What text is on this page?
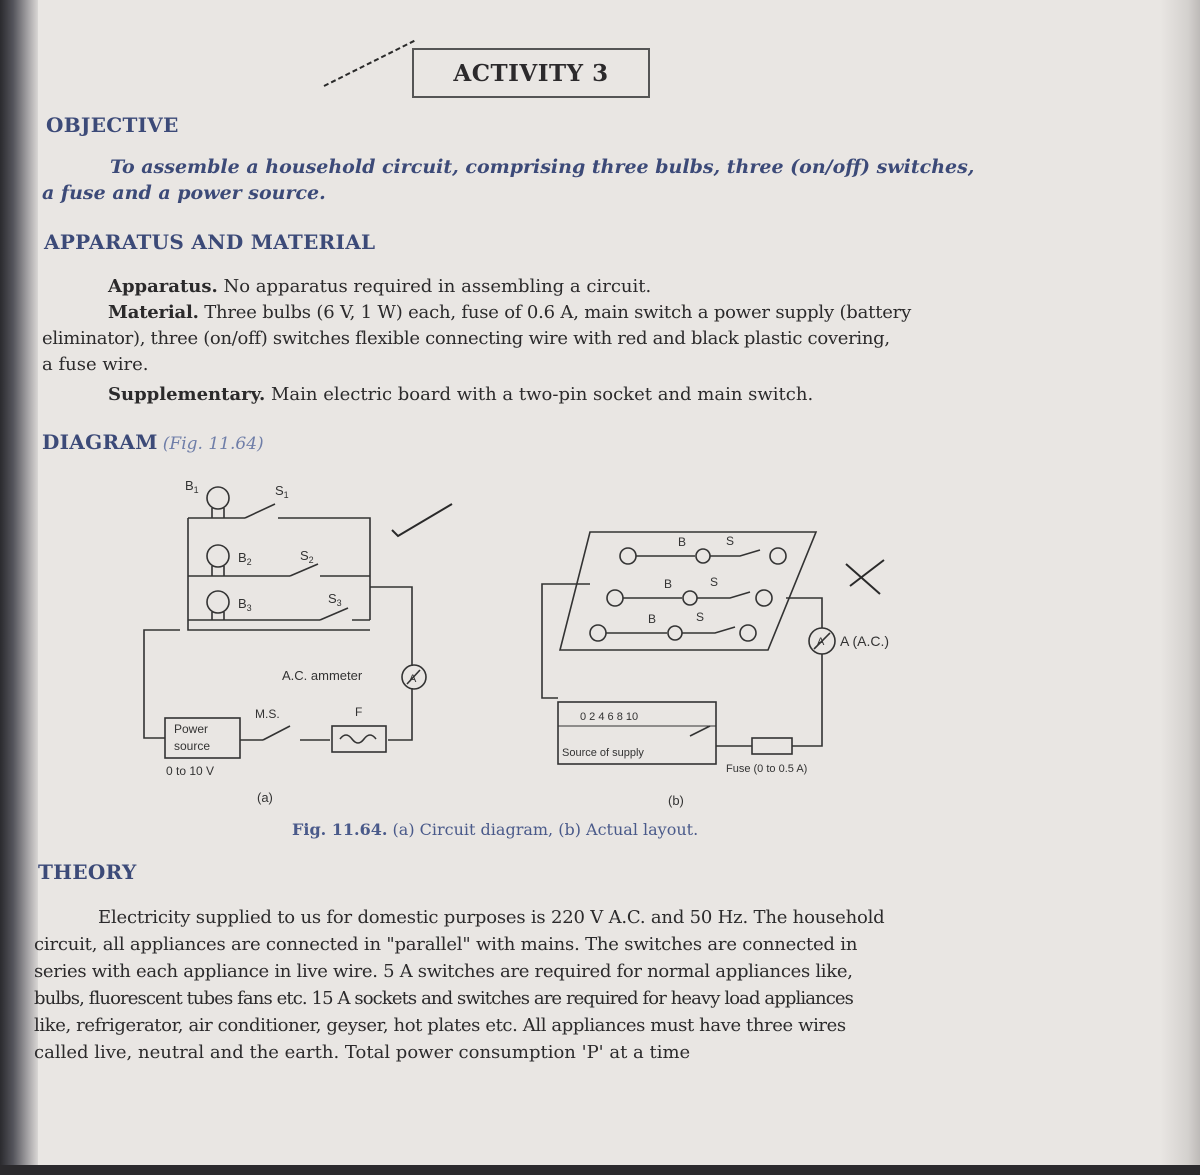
ACTIVITY 3
OBJECTIVE
To assemble a household circuit, comprising three bulbs, three (on/off) switches,
a fuse and a power source.
APPARATUS AND MATERIAL
Apparatus. No apparatus required in assembling a circuit.
Material. Three bulbs (6 V, 1 W) each, fuse of 0.6 A, main switch a power supply (battery
eliminator), three (on/off) switches flexible connecting wire with red and black plastic covering,
a fuse wire.
Supplementary. Main electric board with a two-pin socket and main switch.
DIAGRAM (Fig. 11.64)
$B_1$	$S_1$
$B_2$	$S_2$
$B_3$
$S_3$
A.C. ammeter	A
Power
source
0 to 10 V
M.S.	F
(a)
B	S
B	S
B	S
A (A.C.)
A
0 2 4 6 8 10
Source of supply
Fuse (0 to 0.5 A)
(b)
Fig. 11.64. (a) Circuit diagram, (b) Actual layout.
THEORY
Electricity supplied to us for domestic purposes is 220 V A.C. and 50 Hz. The household
circuit, all appliances are connected in "parallel" with mains. The switches are connected in
series with each appliance in live wire. 5 A switches are required for normal appliances like,
bulbs, fluorescent tubes fans etc. 15 A sockets and switches are required for heavy load appliances
like, refrigerator, air conditioner, geyser, hot plates etc. All appliances must have three wires
called live, neutral and the earth. Total power consumption 'P' at a time
